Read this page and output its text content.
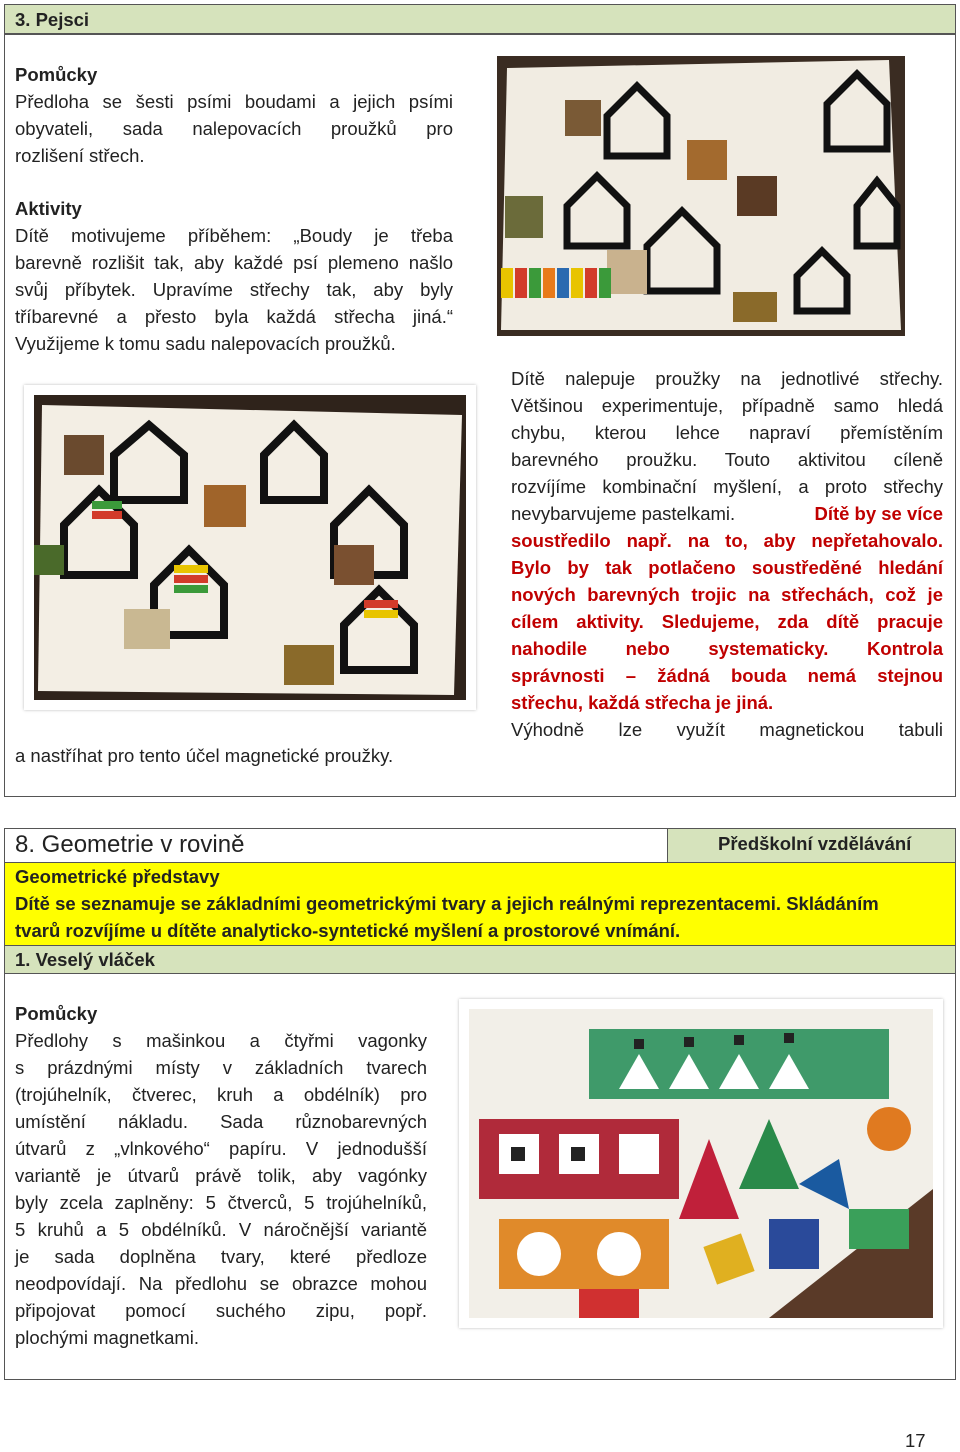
3. Pejsci
Pomůcky
Předloha se šesti psími boudami a jejich psími
obyvateli, sada nalepovacích proužků pro
rozlišení střech.
Aktivity
Dítě motivujeme příběhem: „Boudy je třeba
barevně rozlišit tak, aby každé psí plemeno našlo
svůj příbytek. Upravíme střechy tak, aby byly
tříbarevné a přesto byla každá střecha jiná.“
Využijeme k tomu sadu nalepovacích proužků.
a nastříhat pro tento účel magnetické proužky.
Dítě nalepuje proužky na jednotlivé střechy.
Většinou experimentuje, případně samo hledá
chybu, kterou lehce napraví přemístěním
barevného proužku. Touto aktivitou cíleně
rozvíjíme kombinační myšlení, a proto střechy
nevybarvujeme pastelkami.	Dítě by se více
soustředilo např. na to, aby nepřetahovalo.
Bylo by tak potlačeno soustředěné hledání
nových barevných trojic na střechách, což je
cílem aktivity. Sledujeme, zda dítě pracuje
nahodile nebo systematicky. Kontrola
správnosti – žádná bouda nemá stejnou
střechu, každá střecha je jiná.
Výhodně lze využít magnetickou tabuli
8. Geometrie v rovině	Předškolní vzdělávání
Geometrické představy
Dítě se seznamuje se základními geometrickými tvary a jejich reálnými reprezentacemi. Skládáním
tvarů rozvíjíme u dítěte analyticko-syntetické myšlení a prostorové vnímání.
1. Veselý vláček
Pomůcky
Předlohy s mašinkou a čtyřmi vagonky
s prázdnými místy v základních tvarech
(trojúhelník, čtverec, kruh a obdélník) pro
umístění nákladu. Sada různobarevných
útvarů z „vlnkového“ papíru. V jednodušší
variantě je útvarů právě tolik, aby vagónky
byly zcela zaplněny: 5 čtverců, 5 trojúhelníků,
5 kruhů a 5 obdélníků. V náročnější variantě
je sada doplněna tvary, které předloze
neodpovídají. Na předlohu se obrazce mohou
připojovat pomocí suchého zipu, popř.
plochými magnetkami.
17
